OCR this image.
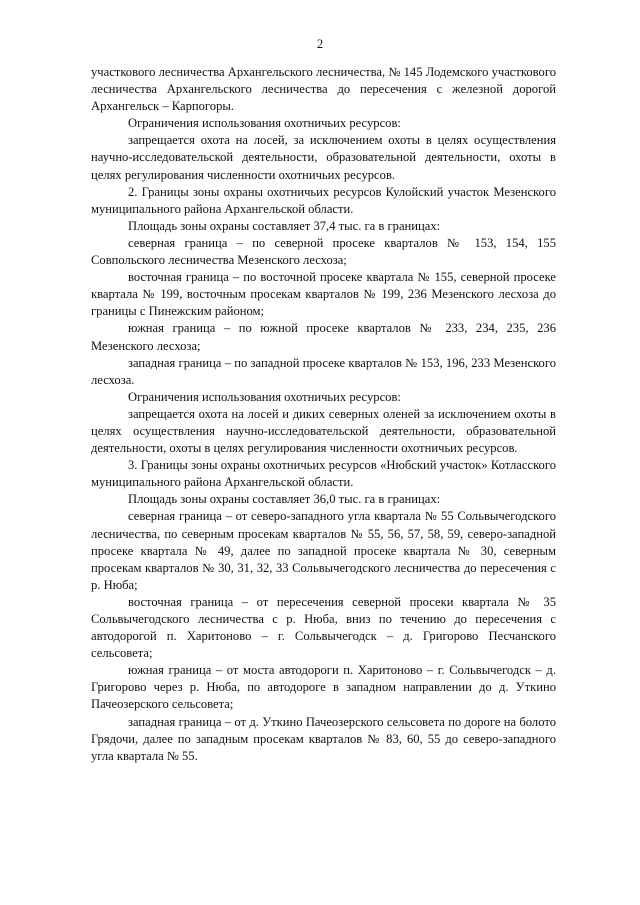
2

участкового лесничества Архангельского лесничества, № 145 Лодемского участкового лесничества Архангельского лесничества до пересечения с железной дорогой Архангельск – Карпогоры.

Ограничения использования охотничьих ресурсов:

запрещается охота на лосей, за исключением охоты в целях осуществления научно-исследовательской деятельности, образовательной деятельности, охоты в целях регулирования численности охотничьих ресурсов.

2. Границы зоны охраны охотничьих ресурсов Кулойский участок Мезенского муниципального района Архангельской области.

Площадь зоны охраны составляет 37,4 тыс. га в границах:

северная граница – по северной просеке кварталов № 153, 154, 155 Совпольского лесничества Мезенского лесхоза;

восточная граница – по восточной просеке квартала № 155, северной просеке квартала № 199, восточным просекам кварталов № 199, 236 Мезенского лесхоза до границы с Пинежским районом;

южная граница – по южной просеке кварталов № 233, 234, 235, 236 Мезенского лесхоза;

западная граница – по западной просеке кварталов № 153, 196, 233 Мезенского лесхоза.

Ограничения использования охотничьих ресурсов:

запрещается охота на лосей и диких северных оленей за исключением охоты в целях осуществления научно-исследовательской деятельности, образовательной деятельности, охоты в целях регулирования численности охотничьих ресурсов.

3. Границы зоны охраны охотничьих ресурсов «Нюбский участок» Котласского муниципального района Архангельской области.

Площадь зоны охраны составляет 36,0 тыс. га в границах:

северная граница – от северо-западного угла квартала № 55 Сольвычегодского лесничества, по северным просекам кварталов № 55, 56, 57, 58, 59, северо-западной просеке квартала № 49, далее по западной просеке квартала № 30, северным просекам кварталов № 30, 31, 32, 33 Сольвычегодского лесничества до пересечения с р. Нюба;

восточная граница – от пересечения северной просеки квартала № 35 Сольвычегодского лесничества с р. Нюба, вниз по течению до пересечения с автодорогой п. Харитоново – г. Сольвычегодск – д. Григорово Песчанского сельсовета;

южная граница – от моста автодороги п. Харитоново – г. Сольвычегодск – д. Григорово через р. Нюба, по автодороге в западном направлении до д. Уткино Пачеозерского сельсовета;

западная граница – от д. Уткино Пачеозерского сельсовета по дороге на болото Грядочи, далее по западным просекам кварталов № 83, 60, 55 до северо-западного угла квартала № 55.
